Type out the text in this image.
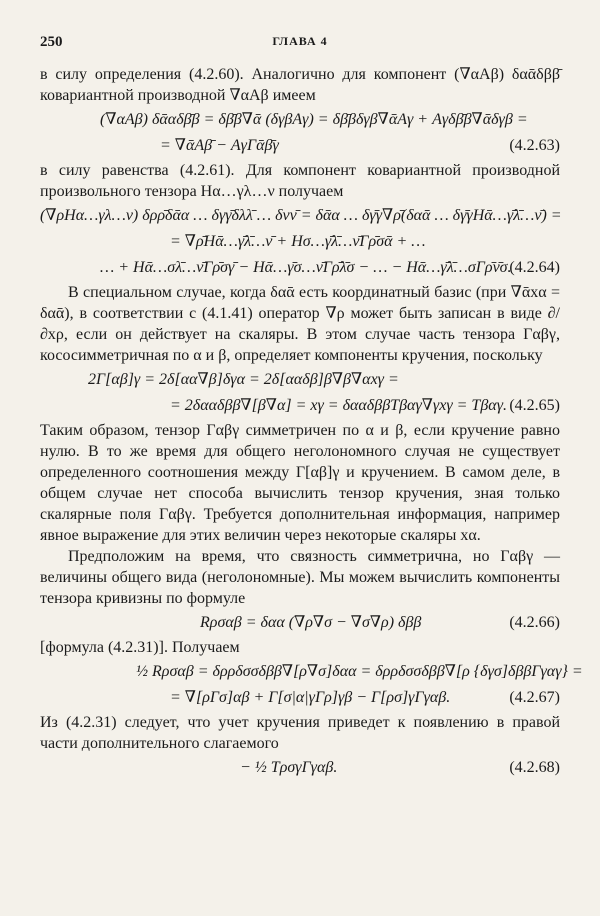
250	ГЛАВА 4

в силу определения (4.2.60). Аналогично для компонент (∇αAβ) δαᾱδββ̄ ковариантной производной ∇αAβ имеем

(∇αAβ) δᾱαδβ̄β = δβ̄β∇ᾱ (δγβAγ) = δβ̄βδγβ∇ᾱAγ + Aγδβ̄β∇ᾱδγβ =
= ∇ᾱAβ̄ − AγΓᾱβ̄γ	(4.2.63)

в силу равенства (4.2.61). Для компонент ковариантной производной произвольного тензора Hα…γλ…ν получаем

(∇ρHα…γλ…ν) δρρ̄δᾱα … δγγ̄δλλ̄ … δνν̄ = δᾱα … δγ̄γ∇ρ̄(δαᾱ … δγ̄γHᾱ…γ̄λ̄…ν̄) =
= ∇ρ̄Hᾱ…γ̄λ̄…ν̄ + Hσ…γ̄λ̄…ν̄Γρ̄σᾱ + …
… + Hᾱ…σλ̄…ν̄Γρ̄σγ̄ − Hᾱ…γ̄σ…ν̄Γρ̄λ̄σ − … − Hᾱ…γ̄λ̄…σΓρ̄ν̄σ.
(4.2.64)

В специальном случае, когда δαᾱ есть координатный базис (при ∇ᾱxα = δαᾱ), в соответствии с (4.1.41) оператор ∇ρ может быть записан в виде ∂/∂xρ, если он действует на скаляры. В этом случае часть тензора Γαβγ, кососимметричная по α и β, определяет компоненты кручения, поскольку

2Γ[αβ]γ = 2δ[αα∇β]δγα = 2δ[ααδβ]β∇β∇αxγ =
= 2δααδββ∇[β∇α] = xγ = δααδββTβαγ∇γxγ = Tβαγ. (4.2.65)

Таким образом, тензор Γαβγ симметричен по α и β, если кручение равно нулю. В то же время для общего неголономного случая не существует определенного соотношения между Γ[αβ]γ и кручением. В самом деле, в общем случае нет способа вычислить тензор кручения, зная только скалярные поля Γαβγ. Требуется дополнительная информация, например явное выражение для этих величин через некоторые скаляры xα.

Предположим на время, что связность симметрична, но Γαβγ — величины общего вида (неголономные). Мы можем вычислить компоненты тензора кривизны по формуле

Rρσαβ = δαα (∇ρ∇σ − ∇σ∇ρ) δββ	(4.2.66)

[формула (4.2.31)]. Получаем

½ Rρσαβ = δρρδσσδββ∇[ρ∇σ]δαα = δρρδσσδββ∇[ρ {δγσ]δββΓγαγ} =
= ∇[ρΓσ]αβ + Γ[σ|α|γΓρ]γβ − Γ[ρσ]γΓγαβ.	(4.2.67)

Из (4.2.31) следует, что учет кручения приведет к появлению в правой части дополнительного слагаемого

− ½ TρσγΓγαβ.	(4.2.68)
